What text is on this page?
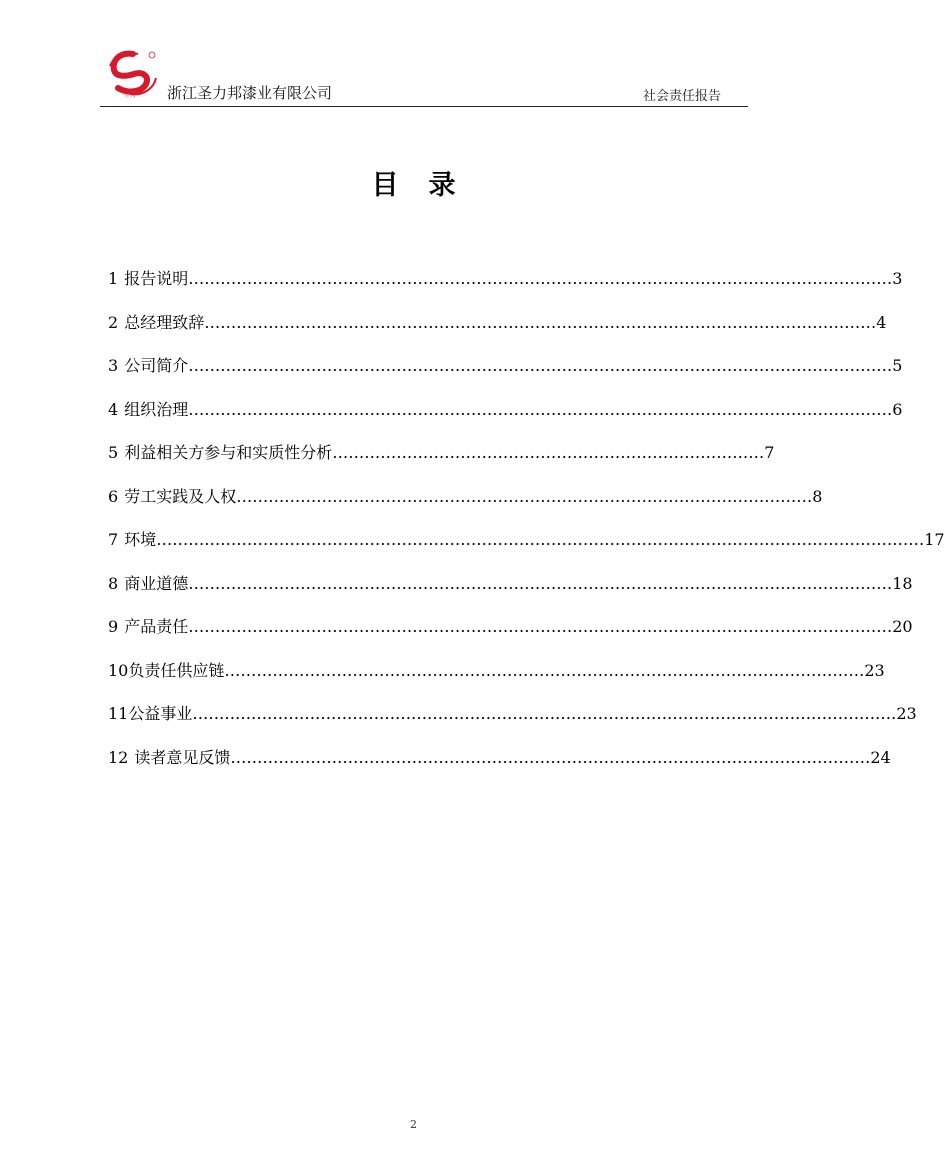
圣力 浙江圣力邦漆业有限公司	社会责任报告
目录
1 报告说明……………………………………………………………………………………………………………………3
2 总经理致辞………………………………………………………………………………………………………………4
3 公司简介……………………………………………………………………………………………………………………5
4 组织治理……………………………………………………………………………………………………………………6
5 利益相关方参与和实质性分析………………………………………………………………………7
6 劳工实践及人权………………………………………………………………………………………………8
7 环境………………………………………………………………………………………………………………………………17
8 商业道德……………………………………………………………………………………………………………………18
9 产品责任……………………………………………………………………………………………………………………20
10负责任供应链…………………………………………………………………………………………………………23
11公益事业……………………………………………………………………………………………………………………23
12 读者意见反馈…………………………………………………………………………………………………………24
2
